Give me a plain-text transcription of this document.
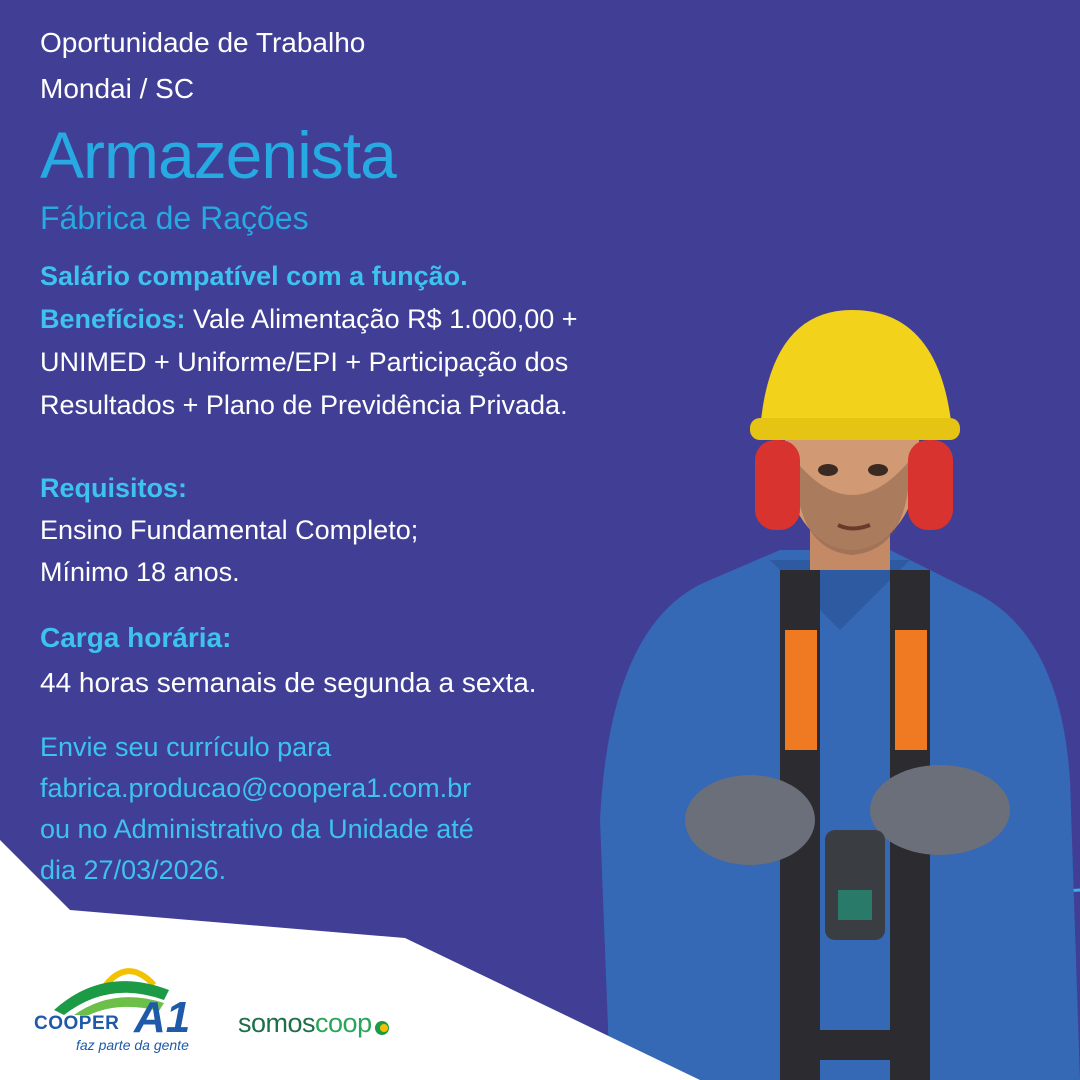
Oportunidade de Trabalho

Mondai / SC

Armazenista

Fábrica de Rações

Salário compatível com a função.

Benefícios: Vale Alimentação R$ 1.000,00 +

UNIMED + Uniforme/EPI + Participação dos

Resultados + Plano de Previdência Privada.

Requisitos:

Ensino Fundamental Completo;

Mínimo 18 anos.

Carga horária:

44 horas semanais de segunda a sexta.

Envie seu currículo para

fabrica.producao@coopera1.com.br

ou no Administrativo da Unidade até

dia 27/03/2026.

COOPER A1
faz parte da gente
somoscoop
